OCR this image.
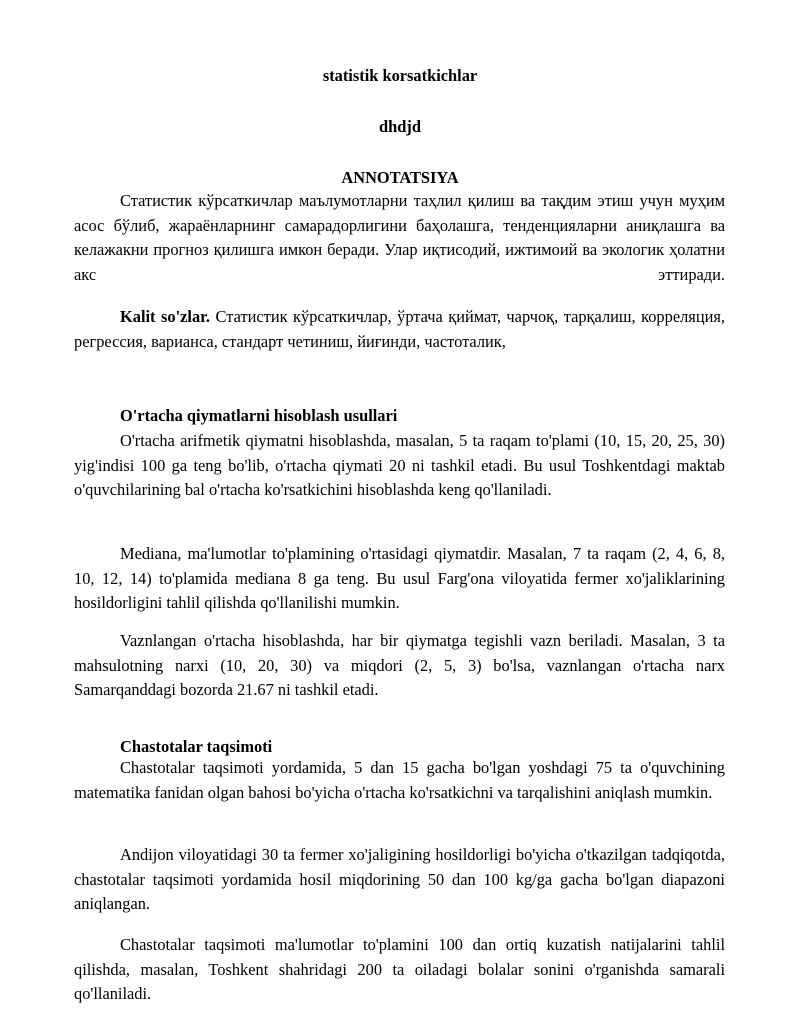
statistik korsatkichlar
dhdjd
ANNOTATSIYA

Статистик кўрсаткичлар маълумотларни таҳлил қилиш ва тақдим этиш учун муҳим асос бўлиб, жараёнларнинг самарадорлигини баҳолашга, тенденцияларни аниқлашга ва келажакни прогноз қилишга имкон беради. Улар иқтисодий, ижтимоий ва экологик ҳолатни акс эттиради.

Kalit so'zlar. Статистик кўрсаткичлар, ўртача қиймат, чарчоқ, тарқалиш, корреляция, регрессия, варианса, стандарт четиниш, йиғинди, частоталик,

O'rtacha qiymatlarni hisoblash usullari

O'rtacha arifmetik qiymatni hisoblashda, masalan, 5 ta raqam to'plami (10, 15, 20, 25, 30) yig'indisi 100 ga teng bo'lib, o'rtacha qiymati 20 ni tashkil etadi. Bu usul Toshkentdagi maktab o'quvchilarining bal o'rtacha ko'rsatkichini hisoblashda keng qo'llaniladi.

Mediana, ma'lumotlar to'plamining o'rtasidagi qiymatdir. Masalan, 7 ta raqam (2, 4, 6, 8, 10, 12, 14) to'plamida mediana 8 ga teng. Bu usul Farg'ona viloyatida fermer xo'jaliklarining hosildorligini tahlil qilishda qo'llanilishi mumkin.

Vaznlangan o'rtacha hisoblashda, har bir qiymatga tegishli vazn beriladi. Masalan, 3 ta mahsulotning narxi (10, 20, 30) va miqdori (2, 5, 3) bo'lsa, vaznlangan o'rtacha narx Samarqanddagi bozorda 21.67 ni tashkil etadi.

Chastotalar taqsimoti

Chastotalar taqsimoti yordamida, 5 dan 15 gacha bo'lgan yoshdagi 75 ta o'quvchining matematika fanidan olgan bahosi bo'yicha o'rtacha ko'rsatkichni va tarqalishini aniqlash mumkin.

Andijon viloyatidagi 30 ta fermer xo'jaligining hosildorligi bo'yicha o'tkazilgan tadqiqotda, chastotalar taqsimoti yordamida hosil miqdorining 50 dan 100 kg/ga gacha bo'lgan diapazoni aniqlangan.

Chastotalar taqsimoti ma'lumotlar to'plamini 100 dan ortiq kuzatish natijalarini tahlil qilishda, masalan, Toshkent shahridagi 200 ta oiladagi bolalar sonini o'rganishda samarali qo'llaniladi.
